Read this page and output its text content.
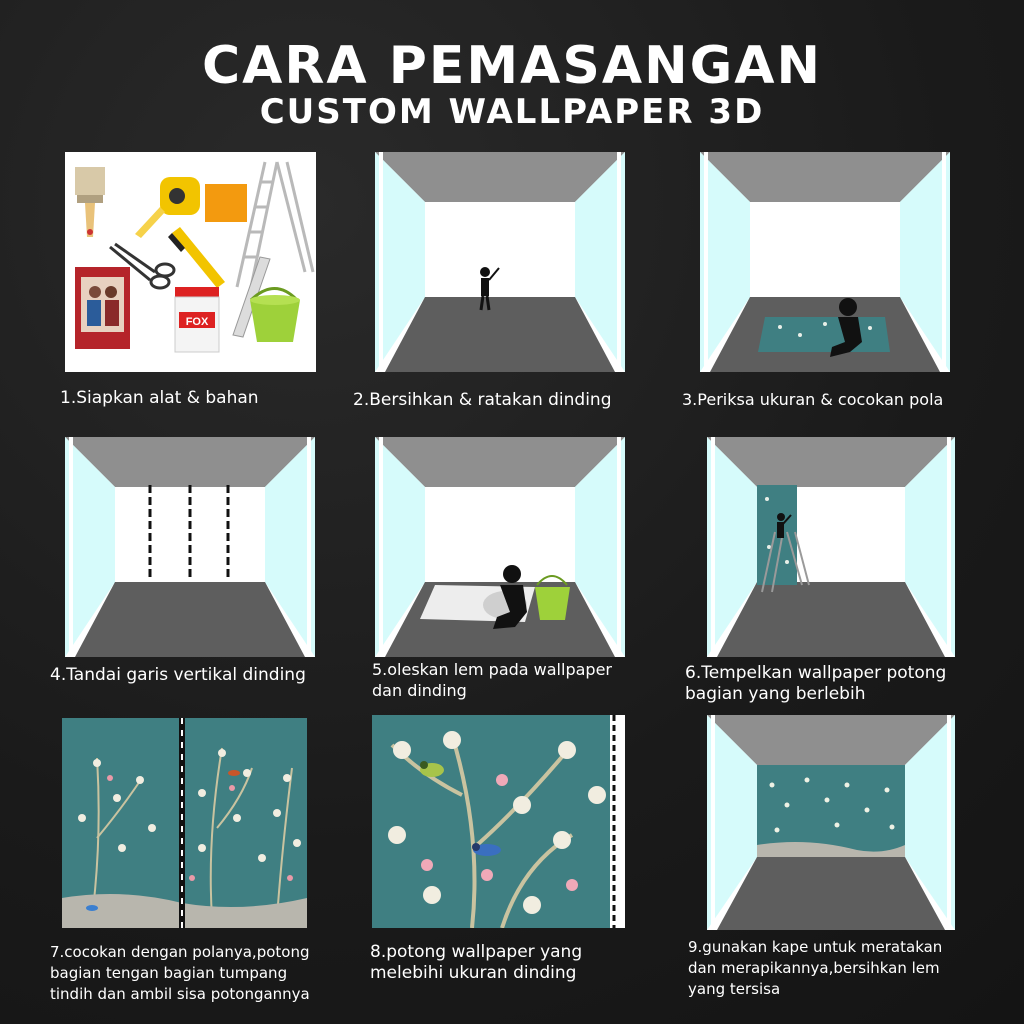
CARA PEMASANGAN
CUSTOM WALLPAPER 3D
FOX
1.Siapkan alat & bahan	2.Bersihkan & ratakan dinding	3.Periksa ukuran & cocokan pola
4.Tandai garis vertikal dinding	5.oleskan lem pada wallpaper
dan dinding
6.Tempelkan wallpaper potong
bagian yang berlebih
7.cocokan dengan polanya,potong
bagian tengan bagian tumpang
tindih dan ambil sisa potongannya
8.potong wallpaper yang
melebihi ukuran dinding
9.gunakan kape untuk meratakan
dan merapikannya,bersihkan lem
yang tersisa
